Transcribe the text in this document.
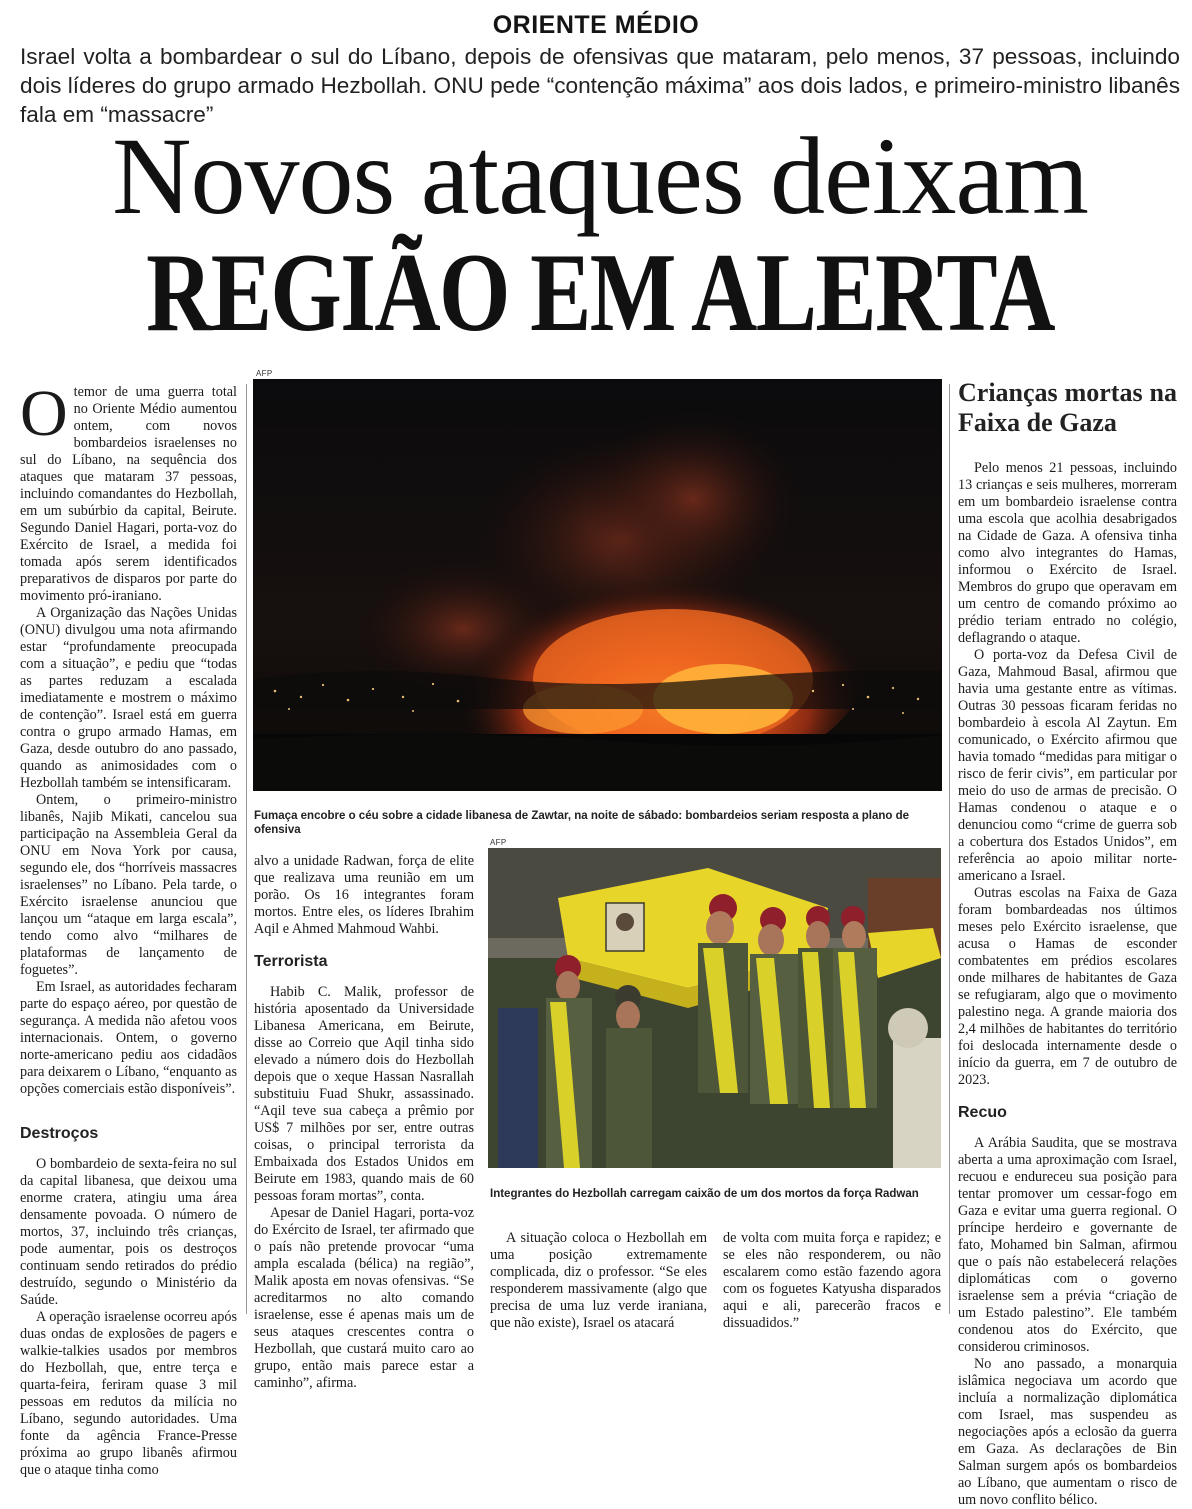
ORIENTE MÉDIO
Israel volta a bombardear o sul do Líbano, depois de ofensivas que mataram, pelo menos, 37 pessoas, incluindo dois líderes do grupo armado Hezbollah. ONU pede “contenção máxima” aos dois lados, e primeiro-ministro libanês fala em “massacre”
Novos ataques deixam
REGIÃO EM ALERTA

Otemor de uma guerra total no Oriente Médio aumentou ontem, com novos bombardeios israelenses no sul do Líbano, na sequência dos ataques que mataram 37 pessoas, incluindo comandantes do Hezbollah, em um subúrbio da capital, Beirute. Segundo Daniel Hagari, porta-voz do Exército de Israel, a medida foi tomada após serem identificados preparativos de disparos por parte do movimento pró-iraniano.

A Organização das Nações Unidas (ONU) divulgou uma nota afirmando estar “profundamente preocupada com a situação”, e pediu que “todas as partes reduzam a escalada imediatamente e mostrem o máximo de contenção”. Israel está em guerra contra o grupo armado Hamas, em Gaza, desde outubro do ano passado, quando as animosidades com o Hezbollah também se intensificaram.

Ontem, o primeiro-ministro libanês, Najib Mikati, cancelou sua participação na Assembleia Geral da ONU em Nova York por causa, segundo ele, dos “horríveis massacres israelenses” no Líbano. Pela tarde, o Exército israelense anunciou que lançou um “ataque em larga escala”, tendo como alvo “milhares de plataformas de lançamento de foguetes”.

Em Israel, as autoridades fecharam parte do espaço aéreo, por questão de segurança. A medida não afetou voos internacionais. Ontem, o governo norte-americano pediu aos cidadãos para deixarem o Líbano, “enquanto as opções comerciais estão disponíveis”.

Destroços

O bombardeio de sexta-feira no sul da capital libanesa, que deixou uma enorme cratera, atingiu uma área densamente povoada. O número de mortos, 37, incluindo três crianças, pode aumentar, pois os destroços continuam sendo retirados do prédio destruído, segundo o Ministério da Saúde.

A operação israelense ocorreu após duas ondas de explosões de pagers e walkie-talkies usados por membros do Hezbollah, que, entre terça e quarta-feira, feriram quase 3 mil pessoas em redutos da milícia no Líbano, segundo autoridades. Uma fonte da agência France-Presse próxima ao grupo libanês afirmou que o ataque tinha como

AFP
Fumaça encobre o céu sobre a cidade libanesa de Zawtar, na noite de sábado: bombardeios seriam resposta a plano de ofensiva

alvo a unidade Radwan, força de elite que realizava uma reunião em um porão. Os 16 integrantes foram mortos. Entre eles, os líderes Ibrahim Aqil e Ahmed Mahmoud Wahbi.

Terrorista

Habib C. Malik, professor de história aposentado da Universidade Libanesa Americana, em Beirute, disse ao Correio que Aqil tinha sido elevado a número dois do Hezbollah depois que o xeque Hassan Nasrallah substituiu Fuad Shukr, assassinado. “Aqil teve sua cabeça a prêmio por US$ 7 milhões por ser, entre outras coisas, o principal terrorista da Embaixada dos Estados Unidos em Beirute em 1983, quando mais de 60 pessoas foram mortas”, conta.

Apesar de Daniel Hagari, porta-voz do Exército de Israel, ter afirmado que o país não pretende provocar “uma ampla escalada (bélica) na região”, Malik aposta em novas ofensivas. “Se acreditarmos no alto comando israelense, esse é apenas mais um de seus ataques crescentes contra o Hezbollah, que custará muito caro ao grupo, então mais parece estar a caminho”, afirma.

AFP
Integrantes do Hezbollah carregam caixão de um dos mortos da força Radwan

A situação coloca o Hezbollah em uma posição extremamente complicada, diz o professor. “Se eles responderem massivamente (algo que precisa de uma luz verde iraniana, que não existe), Israel os atacará

de volta com muita força e rapidez; e se eles não responderem, ou não escalarem como estão fazendo agora com os foguetes Katyusha disparados aqui e ali, parecerão fracos e dissuadidos.”

Crianças mortas na Faixa de Gaza

Pelo menos 21 pessoas, incluindo 13 crianças e seis mulheres, morreram em um bombardeio israelense contra uma escola que acolhia desabrigados na Cidade de Gaza. A ofensiva tinha como alvo integrantes do Hamas, informou o Exército de Israel. Membros do grupo que operavam em um centro de comando próximo ao prédio teriam entrado no colégio, deflagrando o ataque.

O porta-voz da Defesa Civil de Gaza, Mahmoud Basal, afirmou que havia uma gestante entre as vítimas. Outras 30 pessoas ficaram feridas no bombardeio à escola Al Zaytun. Em comunicado, o Exército afirmou que havia tomado “medidas para mitigar o risco de ferir civis”, em particular por meio do uso de armas de precisão. O Hamas condenou o ataque e o denunciou como “crime de guerra sob a cobertura dos Estados Unidos”, em referência ao apoio militar norte-americano a Israel.

Outras escolas na Faixa de Gaza foram bombardeadas nos últimos meses pelo Exército israelense, que acusa o Hamas de esconder combatentes em prédios escolares onde milhares de habitantes de Gaza se refugiaram, algo que o movimento palestino nega. A grande maioria dos 2,4 milhões de habitantes do território foi deslocada internamente desde o início da guerra, em 7 de outubro de 2023.

Recuo

A Arábia Saudita, que se mostrava aberta a uma aproximação com Israel, recuou e endureceu sua posição para tentar promover um cessar-fogo em Gaza e evitar uma guerra regional. O príncipe herdeiro e governante de fato, Mohamed bin Salman, afirmou que o país não estabelecerá relações diplomáticas com o governo israelense sem a prévia “criação de um Estado palestino”. Ele também condenou atos do Exército, que considerou criminosos.

No ano passado, a monarquia islâmica negociava um acordo que incluía a normalização diplomática com Israel, mas suspendeu as negociações após a eclosão da guerra em Gaza. As declarações de Bin Salman surgem após os bombardeios ao Líbano, que aumentam o risco de um novo conflito bélico.
